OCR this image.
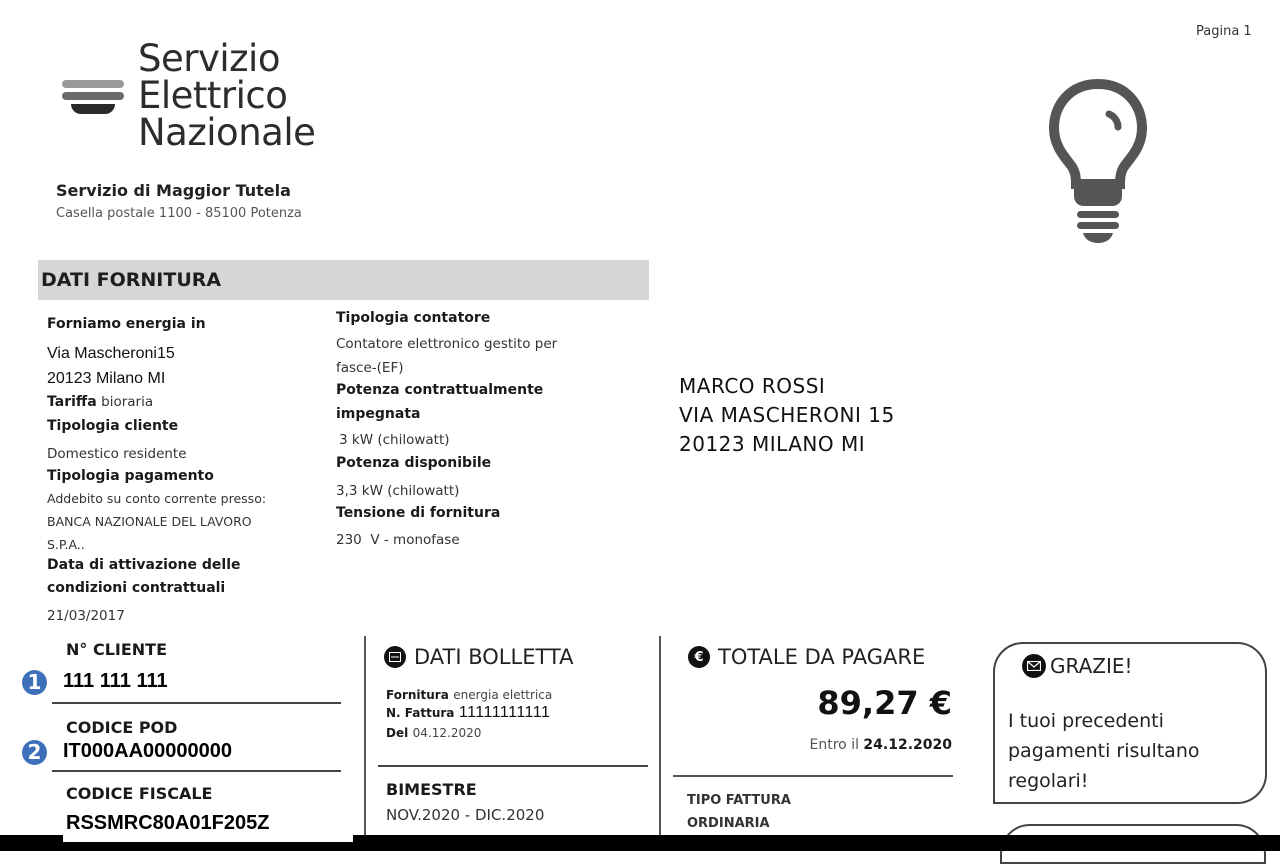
Pagina 1
Servizio
Elettrico
Nazionale
Servizio di Maggior Tutela
Casella postale 1100 - 85100 Potenza
DATI FORNITURA
Forniamo energia in
Via Mascheroni15
20123 Milano MI
Tariffa bioraria
Tipologia cliente
Domestico residente
Tipologia pagamento
Addebito su conto corrente presso:
BANCA NAZIONALE DEL LAVORO
S.P.A..
Data di attivazione delle
condizioni contrattuali
21/03/2017
Tipologia contatore
Contatore elettronico gestito per
fasce-(EF)
Potenza contrattualmente
impegnata
3 kW (chilowatt)
Potenza disponibile
3,3 kW (chilowatt)
Tensione di fornitura
230  V - monofase
MARCO ROSSI
VIA MASCHERONI 15
20123 MILANO MI
N° CLIENTE
1 111 111 111
CODICE POD
2 IT000AA00000000
CODICE FISCALE
RSSMRC80A01F205Z
DATI BOLLETTA
Fornitura energia elettrica
N. Fattura 11111111111
Del 04.12.2020
BIMESTRE
NOV.2020 - DIC.2020
€ TOTALE DA PAGARE
89,27 €
Entro il 24.12.2020
TIPO FATTURA
ORDINARIA
GRAZIE!
I tuoi precedenti
pagamenti risultano
regolari!
